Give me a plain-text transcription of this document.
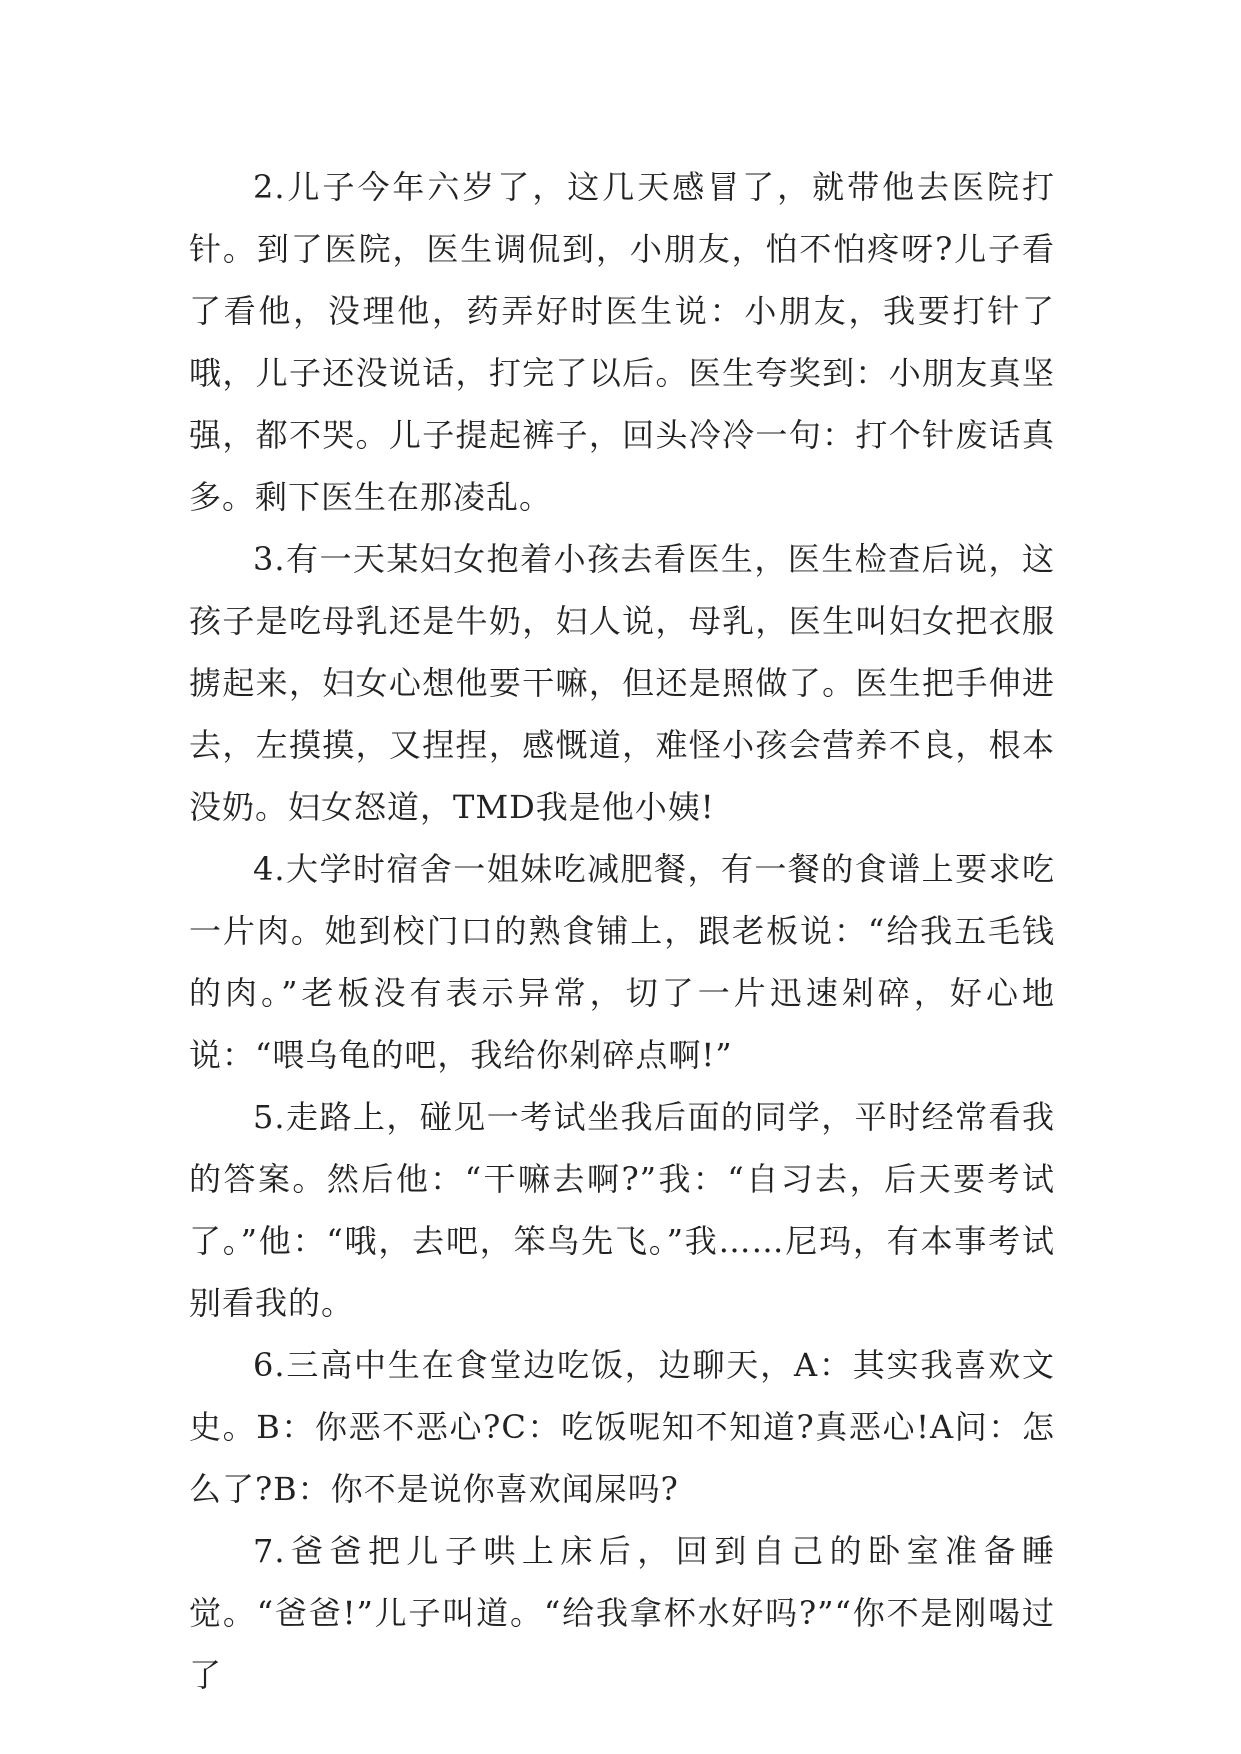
2.儿子今年六岁了，这几天感冒了，就带他去医院打针。到了医院，医生调侃到，小朋友，怕不怕疼呀?儿子看了看他，没理他，药弄好时医生说：小朋友，我要打针了哦，儿子还没说话，打完了以后。医生夸奖到：小朋友真坚强，都不哭。儿子提起裤子，回头冷冷一句：打个针废话真多。剩下医生在那凌乱。

3.有一天某妇女抱着小孩去看医生，医生检查后说，这孩子是吃母乳还是牛奶，妇人说，母乳，医生叫妇女把衣服掳起来，妇女心想他要干嘛，但还是照做了。医生把手伸进去，左摸摸，又捏捏，感慨道，难怪小孩会营养不良，根本没奶。妇女怒道，TMD我是他小姨!

4.大学时宿舍一姐妹吃减肥餐，有一餐的食谱上要求吃一片肉。她到校门口的熟食铺上，跟老板说：“给我五毛钱的肉。”老板没有表示异常，切了一片迅速剁碎，好心地说：“喂乌龟的吧，我给你剁碎点啊!”

5.走路上，碰见一考试坐我后面的同学，平时经常看我的答案。然后他：“干嘛去啊?”我：“自习去，后天要考试了。”他：“哦，去吧，笨鸟先飞。”我……尼玛，有本事考试别看我的。

6.三高中生在食堂边吃饭，边聊天，A：其实我喜欢文史。B：你恶不恶心?C：吃饭呢知不知道?真恶心!A问：怎么了?B：你不是说你喜欢闻屎吗?

7.爸爸把儿子哄上床后，回到自己的卧室准备睡觉。“爸爸!”儿子叫道。“给我拿杯水好吗?”“你不是刚喝过了
